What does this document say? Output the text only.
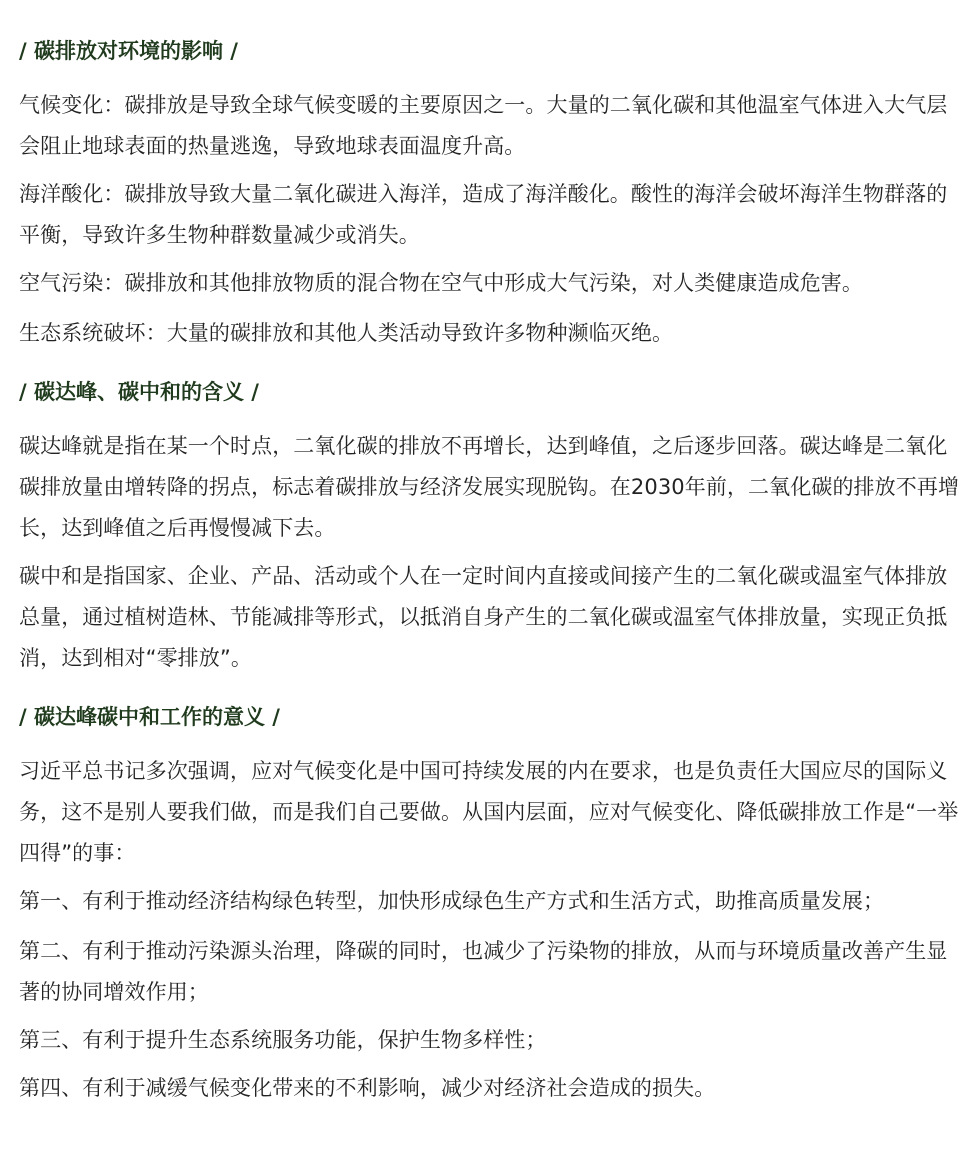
/ 碳排放对环境的影响 /

气候变化：碳排放是导致全球气候变暖的主要原因之一。大量的二氧化碳和其他温室气体进入大气层会阻止地球表面的热量逃逸，导致地球表面温度升高。

海洋酸化：碳排放导致大量二氧化碳进入海洋，造成了海洋酸化。酸性的海洋会破坏海洋生物群落的平衡，导致许多生物种群数量减少或消失。

空气污染：碳排放和其他排放物质的混合物在空气中形成大气污染，对人类健康造成危害。

生态系统破坏：大量的碳排放和其他人类活动导致许多物种濒临灭绝。

/ 碳达峰、碳中和的含义 /

碳达峰就是指在某一个时点，二氧化碳的排放不再增长，达到峰值，之后逐步回落。碳达峰是二氧化碳排放量由增转降的拐点，标志着碳排放与经济发展实现脱钩。在2030年前，二氧化碳的排放不再增长，达到峰值之后再慢慢减下去。

碳中和是指国家、企业、产品、活动或个人在一定时间内直接或间接产生的二氧化碳或温室气体排放总量，通过植树造林、节能减排等形式，以抵消自身产生的二氧化碳或温室气体排放量，实现正负抵消，达到相对“零排放”。

/ 碳达峰碳中和工作的意义 /

习近平总书记多次强调，应对气候变化是中国可持续发展的内在要求，也是负责任大国应尽的国际义务，这不是别人要我们做，而是我们自己要做。从国内层面，应对气候变化、降低碳排放工作是“一举四得”的事：

第一、有利于推动经济结构绿色转型，加快形成绿色生产方式和生活方式，助推高质量发展；

第二、有利于推动污染源头治理，降碳的同时，也减少了污染物的排放，从而与环境质量改善产生显著的协同增效作用；

第三、有利于提升生态系统服务功能，保护生物多样性；

第四、有利于减缓气候变化带来的不利影响，减少对经济社会造成的损失。
